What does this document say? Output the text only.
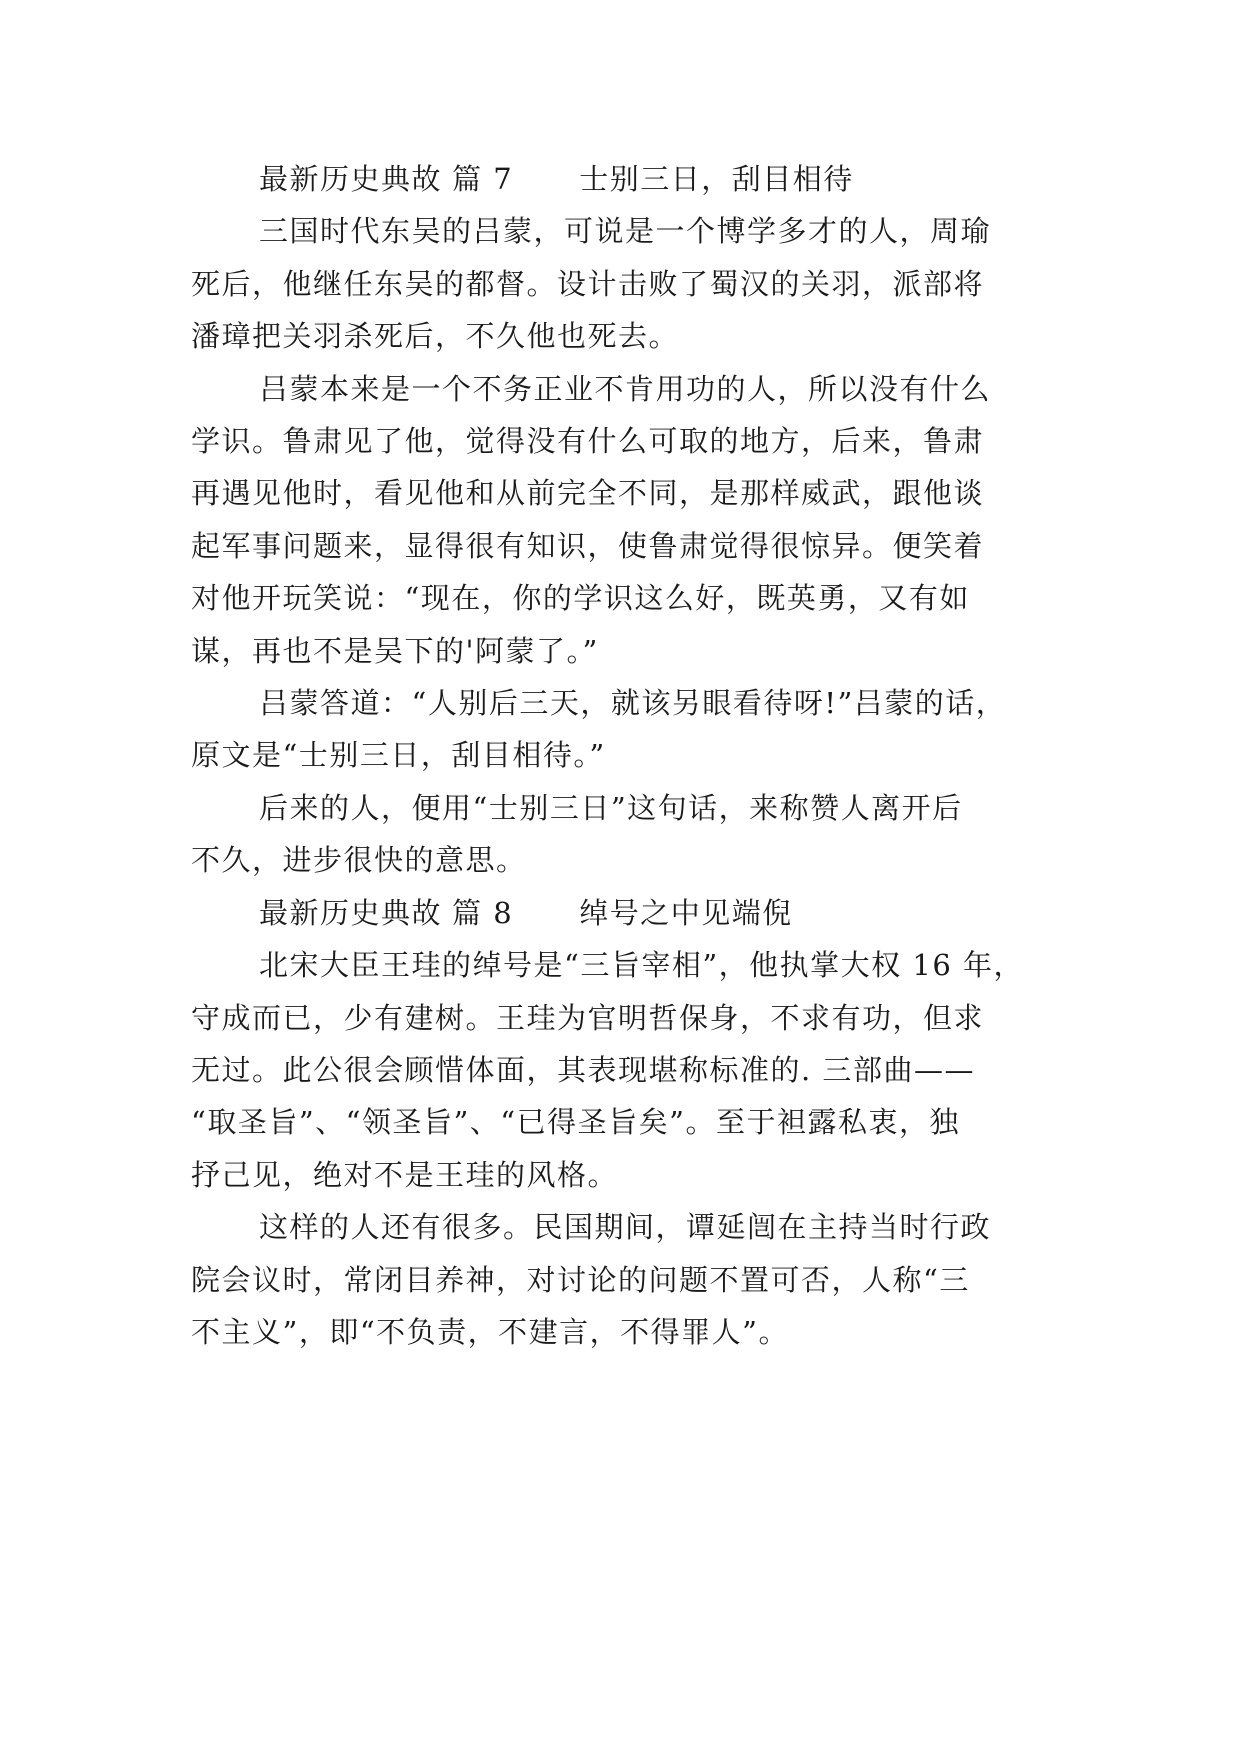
最新历史典故 篇 7 士别三日，刮目相待

三国时代东吴的吕蒙，可说是一个博学多才的人，周瑜

死后，他继任东吴的都督。设计击败了蜀汉的关羽，派部将

潘璋把关羽杀死后，不久他也死去。

吕蒙本来是一个不务正业不肯用功的人，所以没有什么

学识。鲁肃见了他，觉得没有什么可取的地方，后来，鲁肃

再遇见他时，看见他和从前完全不同，是那样威武，跟他谈

起军事问题来，显得很有知识，使鲁肃觉得很惊异。便笑着

对他开玩笑说：“现在，你的学识这么好，既英勇，又有如

谋，再也不是吴下的'阿蒙了。”

吕蒙答道：“人别后三天，就该另眼看待呀!”吕蒙的话，

原文是“士别三日，刮目相待。”

后来的人，便用“士别三日”这句话，来称赞人离开后

不久，进步很快的意思。

最新历史典故 篇 8 绰号之中见端倪

北宋大臣王珪的绰号是“三旨宰相”，他执掌大权 16 年，

守成而已，少有建树。王珪为官明哲保身，不求有功，但求

无过。此公很会顾惜体面，其表现堪称标准的. 三部曲——

“取圣旨”、“领圣旨”、“已得圣旨矣”。至于袒露私衷，独

抒己见，绝对不是王珪的风格。

这样的人还有很多。民国期间，谭延闿在主持当时行政

院会议时，常闭目养神，对讨论的问题不置可否，人称“三

不主义”，即“不负责，不建言，不得罪人”。
